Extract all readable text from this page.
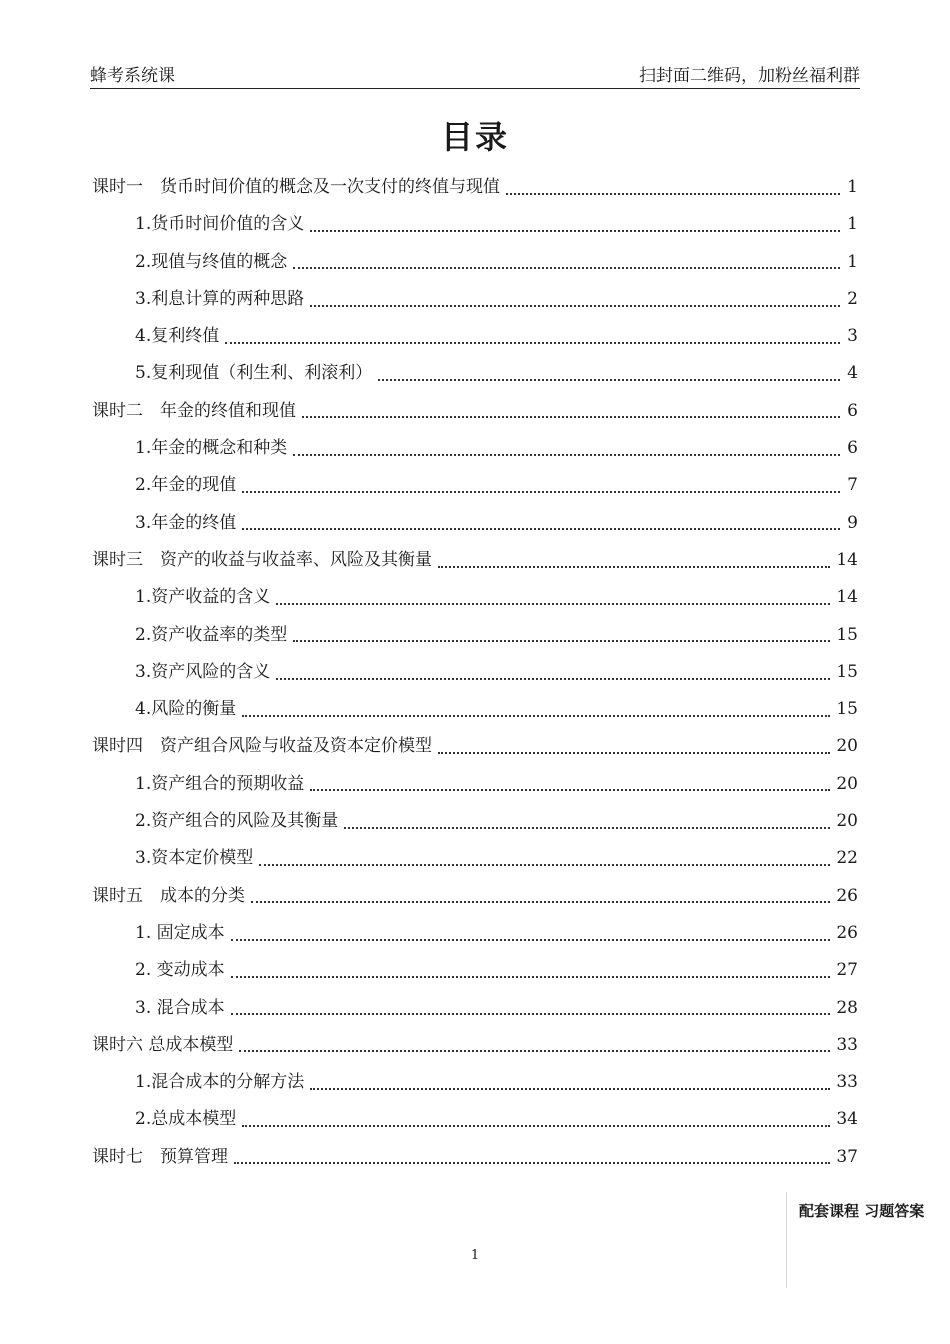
蜂考系统课	扫封面二维码，加粉丝福利群
目录
课时一　货币时间价值的概念及一次支付的终值与现值	1
1.货币时间价值的含义	1
2.现值与终值的概念	1
3.利息计算的两种思路	2
4.复利终值	3
5.复利现值（利生利、利滚利）	4
课时二　年金的终值和现值	6
1.年金的概念和种类	6
2.年金的现值	7
3.年金的终值	9
课时三　资产的收益与收益率、风险及其衡量	14
1.资产收益的含义	14
2.资产收益率的类型	15
3.资产风险的含义	15
4.风险的衡量	15
课时四　资产组合风险与收益及资本定价模型	20
1.资产组合的预期收益	20
2.资产组合的风险及其衡量	20
3.资本定价模型	22
课时五　成本的分类	26
1. 固定成本	26
2. 变动成本	27
3. 混合成本	28
课时六 总成本模型	33
1.混合成本的分解方法	33
2.总成本模型	34
课时七　预算管理	37
1
配套课程 习题答案
